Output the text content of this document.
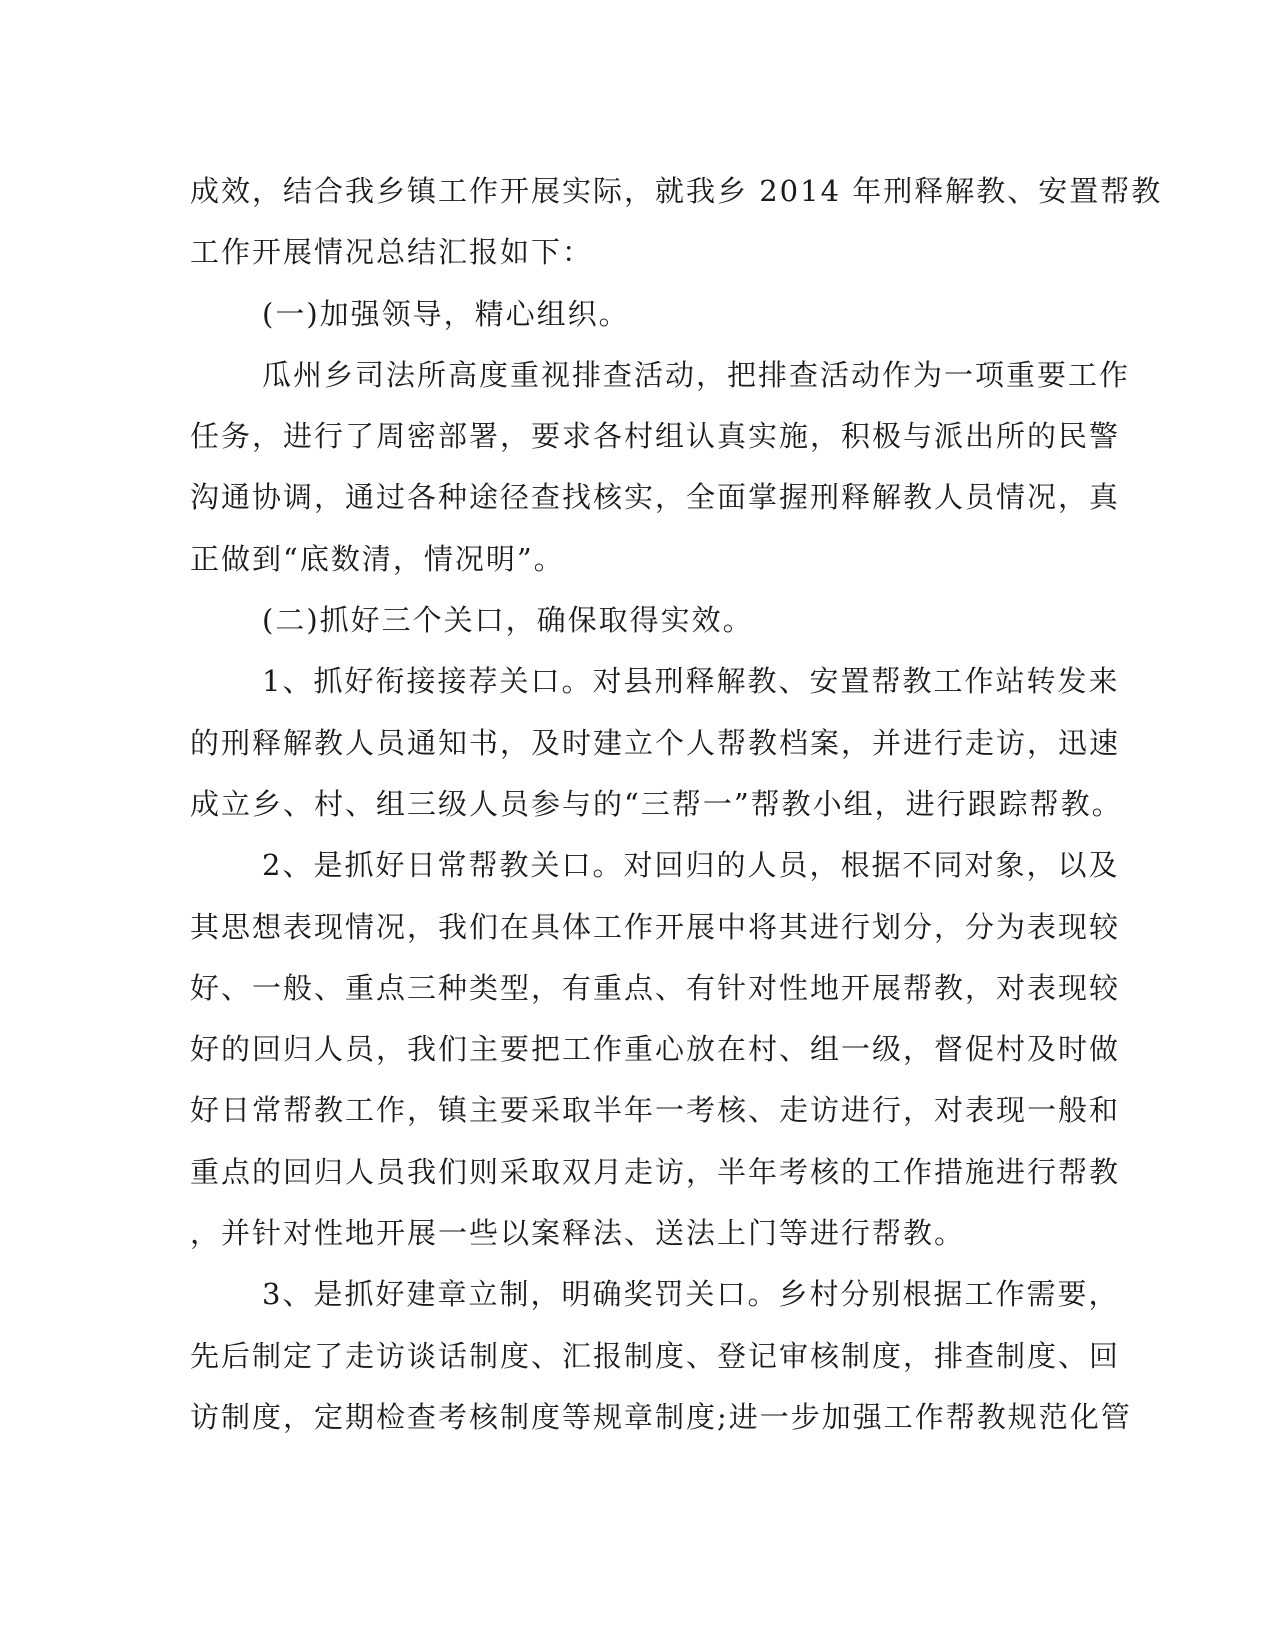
成效，结合我乡镇工作开展实际，就我乡 2014 年刑释解教、安置帮教
工作开展情况总结汇报如下：
(一)加强领导，精心组织。
瓜州乡司法所高度重视排查活动，把排查活动作为一项重要工作
任务，进行了周密部署，要求各村组认真实施，积极与派出所的民警
沟通协调，通过各种途径查找核实，全面掌握刑释解教人员情况，真
正做到“底数清，情况明”。
(二)抓好三个关口，确保取得实效。
1、抓好衔接接荐关口。对县刑释解教、安置帮教工作站转发来
的刑释解教人员通知书，及时建立个人帮教档案，并进行走访，迅速
成立乡、村、组三级人员参与的“三帮一”帮教小组，进行跟踪帮教。
2、是抓好日常帮教关口。对回归的人员，根据不同对象，以及
其思想表现情况，我们在具体工作开展中将其进行划分，分为表现较
好、一般、重点三种类型，有重点、有针对性地开展帮教，对表现较
好的回归人员，我们主要把工作重心放在村、组一级，督促村及时做
好日常帮教工作，镇主要采取半年一考核、走访进行，对表现一般和
重点的回归人员我们则采取双月走访，半年考核的工作措施进行帮教
，并针对性地开展一些以案释法、送法上门等进行帮教。
3、是抓好建章立制，明确奖罚关口。乡村分别根据工作需要，
先后制定了走访谈话制度、汇报制度、登记审核制度，排查制度、回
访制度，定期检查考核制度等规章制度;进一步加强工作帮教规范化管
